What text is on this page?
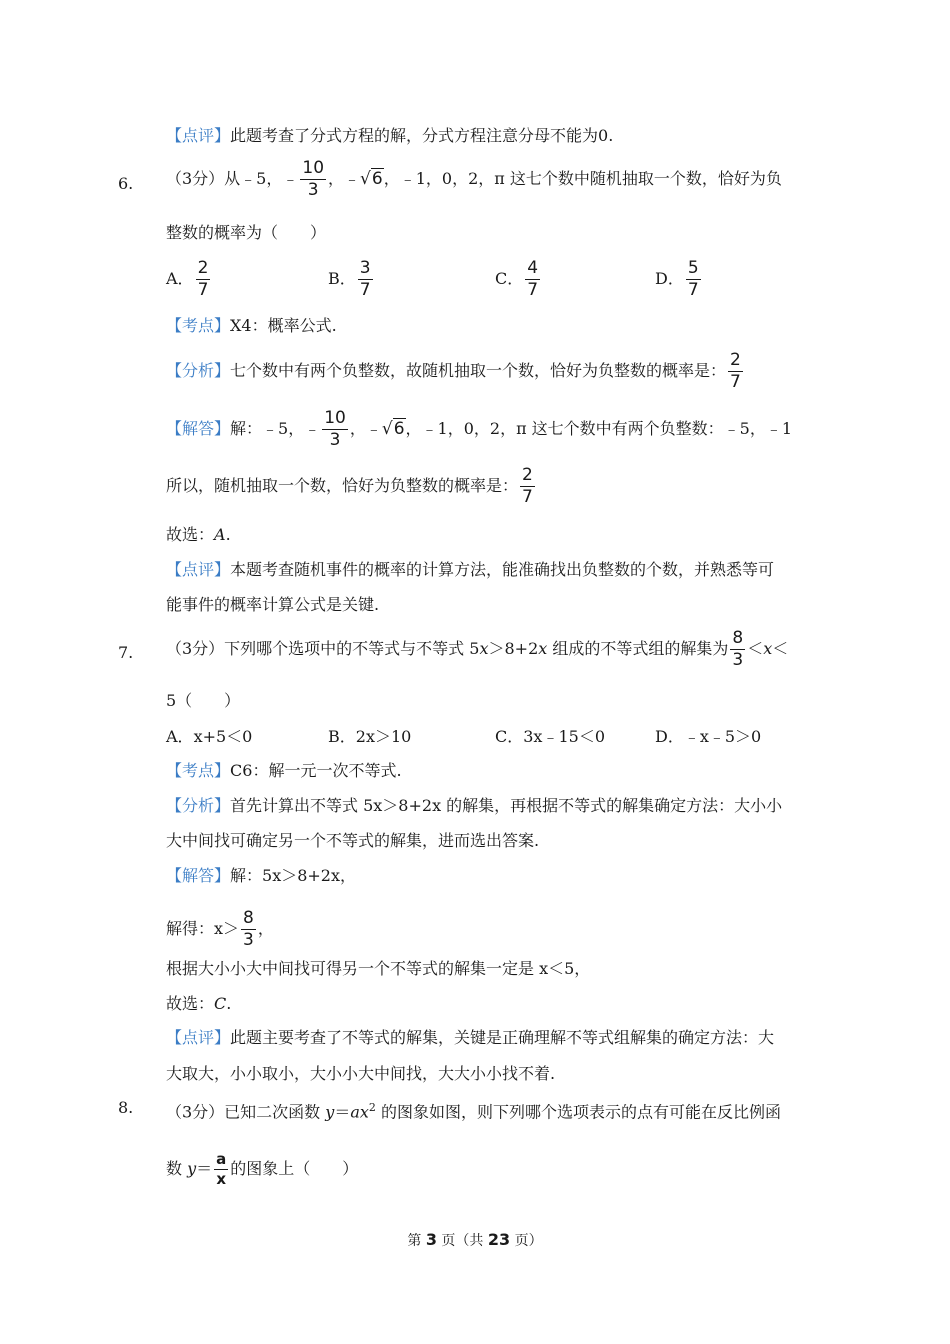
【点评】此题考查了分式方程的解，分式方程注意分母不能为0.
6. （3分）从﹣5，﹣ $\frac{10}{3}$ ，﹣√6，﹣1，0，2，π 这七个数中随机抽取一个数，恰好为负
整数的概率为（　　）
A． $\frac{2}{7}$	B． $\frac{3}{7}$	C． $\frac{4}{7}$	D． $\frac{5}{7}$
【考点】X4：概率公式.
【分析】七个数中有两个负整数，故随机抽取一个数，恰好为负整数的概率是： $\frac{2}{7}$
【解答】解：﹣5，﹣ $\frac{10}{3}$ ，﹣√6，﹣1，0，2，π 这七个数中有两个负整数：﹣5，﹣1
所以，随机抽取一个数，恰好为负整数的概率是： $\frac{2}{7}$
故选：A.
【点评】本题考查随机事件的概率的计算方法，能准确找出负整数的个数，并熟悉等可
能事件的概率计算公式是关键.
7. （3分）下列哪个选项中的不等式与不等式 5x＞8+2x 组成的不等式组的解集为 $\frac{8}{3} <x<$
5（　　）
A．x+5＜0	B．2x＞10	C．3x﹣15＜0	D．﹣x﹣5＞0
【考点】C6：解一元一次不等式.
【分析】首先计算出不等式 5x＞8+2x 的解集，再根据不等式的解集确定方法：大小小
大中间找可确定另一个不等式的解集，进而选出答案.
【解答】解：5x＞8+2x，
解得：$x> \frac{8}{3}$ ，
根据大小小大中间找可得另一个不等式的解集一定是 x＜5，
故选：C.
【点评】此题主要考查了不等式的解集，关键是正确理解不等式组解集的确定方法：大
大取大，小小取小，大小小大中间找，大大小小找不着.
8. （3分）已知二次函数 $y=ax^2$ 的图象如图，则下列哪个选项表示的点有可能在反比例函
数 $y= \frac{a}{x}$ 的图象上（　　）
第 3 页（共 23 页）
